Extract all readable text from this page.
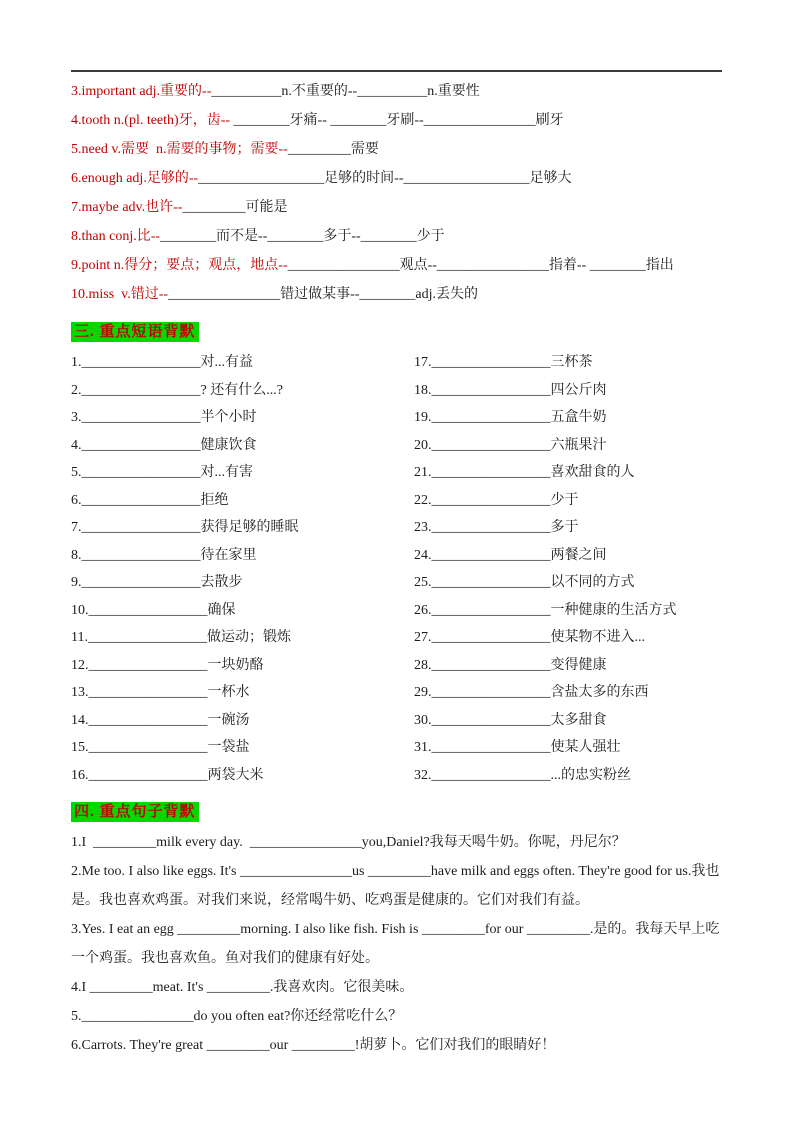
3.important adj.重要的--__________n.不重要的--__________n.重要性

4.tooth n.(pl. teeth)牙，齿-- ________牙痛-- ________牙刷--________________刷牙

5.need v.需要  n.需要的事物；需要--_________需要

6.enough adj.足够的--__________________足够的时间--__________________足够大

7.maybe adv.也许--_________可能是

8.than conj.比--________而不是--________多于--________少于

9.point n.得分；要点；观点，地点--________________观点--________________指着-- ________指出

10.miss  v.错过--________________错过做某事--________adj.丢失的

三. 重点短语背默
1._________________对...有益
2._________________? 还有什么...?
3._________________半个小时
4._________________健康饮食
5._________________对...有害
6._________________拒绝
7._________________获得足够的睡眠
8._________________待在家里
9._________________去散步
10._________________确保
11._________________做运动；锻炼
12._________________一块奶酪
13._________________一杯水
14._________________一碗汤
15._________________一袋盐
16._________________两袋大米
17._________________三杯茶
18._________________四公斤肉
19._________________五盒牛奶
20._________________六瓶果汁
21._________________喜欢甜食的人
22._________________少于
23._________________多于
24._________________两餐之间
25._________________以不同的方式
26._________________一种健康的生活方式
27._________________使某物不进入...
28._________________变得健康
29._________________含盐太多的东西
30._________________太多甜食
31._________________使某人强壮
32._________________...的忠实粉丝
四. 重点句子背默

1.I  _________milk every day.  ________________you,Daniel?我每天喝牛奶。你呢，丹尼尔？

2.Me too. I also like eggs. It's ________________us _________have milk and eggs often. They're good for us.我也是。我也喜欢鸡蛋。对我们来说，经常喝牛奶、吃鸡蛋是健康的。它们对我们有益。

3.Yes. I eat an egg _________morning. I also like fish. Fish is _________for our _________.是的。我每天早上吃一个鸡蛋。我也喜欢鱼。鱼对我们的健康有好处。

4.I _________meat. It's _________.我喜欢肉。它很美味。

5.________________do you often eat?你还经常吃什么？

6.Carrots. They're great _________our _________!胡萝卜。它们对我们的眼睛好！
